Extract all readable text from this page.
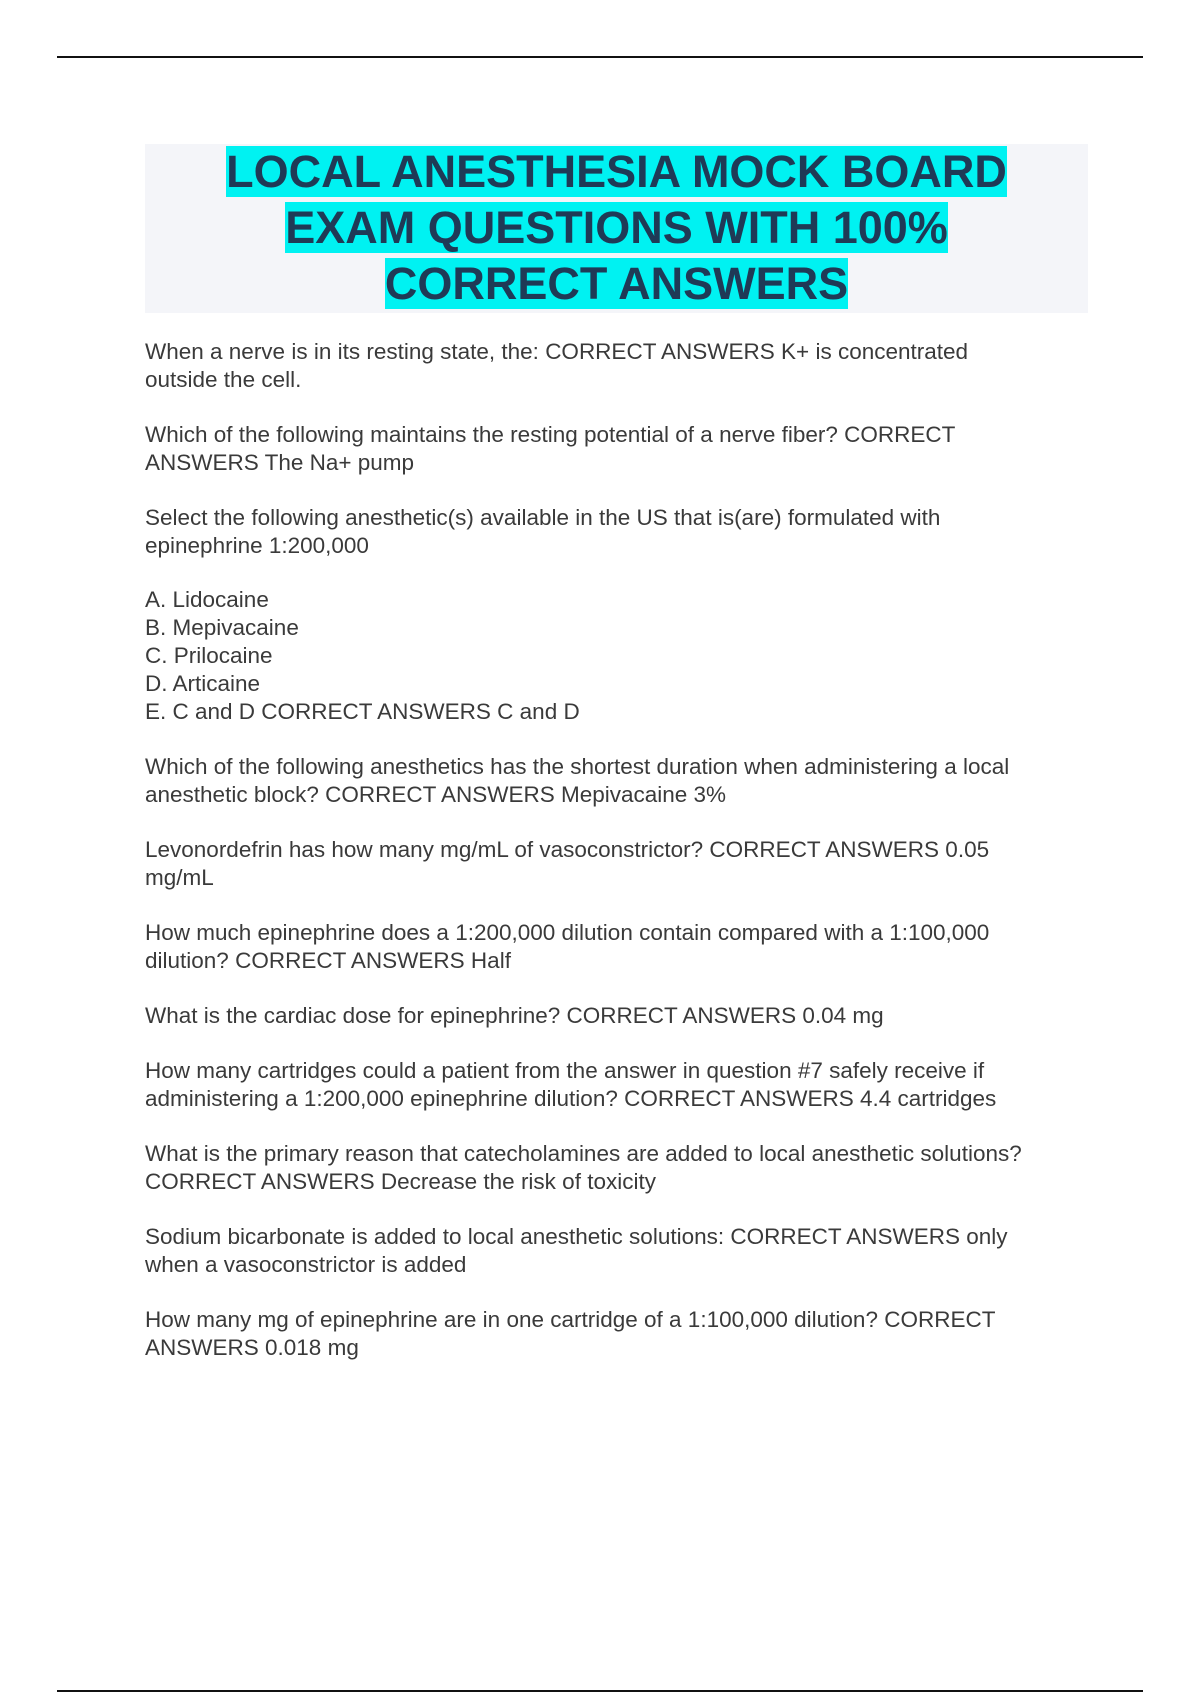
LOCAL ANESTHESIA MOCK BOARD
EXAM QUESTIONS WITH 100%
CORRECT ANSWERS
When a nerve is in its resting state, the: CORRECT ANSWERS K+ is concentrated
outside the cell.
Which of the following maintains the resting potential of a nerve fiber? CORRECT
ANSWERS The Na+ pump
Select the following anesthetic(s) available in the US that is(are) formulated with
epinephrine 1:200,000
A. Lidocaine
B. Mepivacaine
C. Prilocaine
D. Articaine
E. C and D CORRECT ANSWERS C and D
Which of the following anesthetics has the shortest duration when administering a local
anesthetic block? CORRECT ANSWERS Mepivacaine 3%
Levonordefrin has how many mg/mL of vasoconstrictor? CORRECT ANSWERS 0.05
mg/mL
How much epinephrine does a 1:200,000 dilution contain compared with a 1:100,000
dilution? CORRECT ANSWERS Half
What is the cardiac dose for epinephrine? CORRECT ANSWERS 0.04 mg
How many cartridges could a patient from the answer in question #7 safely receive if
administering a 1:200,000 epinephrine dilution? CORRECT ANSWERS 4.4 cartridges
What is the primary reason that catecholamines are added to local anesthetic solutions?
CORRECT ANSWERS Decrease the risk of toxicity
Sodium bicarbonate is added to local anesthetic solutions: CORRECT ANSWERS only
when a vasoconstrictor is added
How many mg of epinephrine are in one cartridge of a 1:100,000 dilution? CORRECT
ANSWERS 0.018 mg
